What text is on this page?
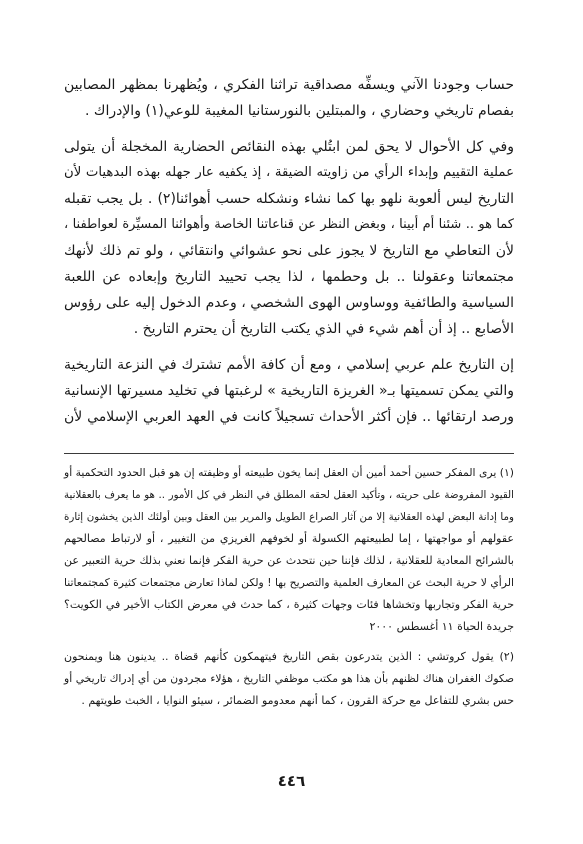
حساب وجودنا الآني ويسفِّه مصداقية تراثنا الفكري ، ويُظهرنا بمظهر المصابين
بفصام تاريخي وحضاري ، والمبتلين بالنورستانيا المغيبة للوعي(١) والإدراك .
وفي كل الأحوال لا يحق لمن ابتُلي بهذه النقائص الحضارية المخجلة أن يتولى
عملية التقييم وإبداء الرأي من زاويته الضيقة ، إذ يكفيه عار جهله بهذه البدهيات لأن
التاريخ ليس ألعوبة نلهو بها كما نشاء ونشكله حسب أهوائنا(٢) . بل يجب تقبله
كما هو .. شئنا أم أبينا ، وبغض النظر عن قناعاتنا الخاصة وأهوائنا المسيِّرة لعواطفنا ،
لأن التعاطي مع التاريخ لا يجوز على نحو عشوائي وانتقائي ، ولو تم ذلك لأنهك
مجتمعاتنا وعقولنا .. بل وحطمها ، لذا يجب تحييد التاريخ وإبعاده عن اللعبة
السياسية والطائفية ووساوس الهوى الشخصي ، وعدم الدخول إليه على رؤوس
الأصابع .. إذ أن أهم شيء في الذي يكتب التاريخ أن يحترم التاريخ .
إن التاريخ علم عربي إسلامي ، ومع أن كافة الأمم تشترك في النزعة التاريخية
والتي يمكن تسميتها بـ« الغريزة التاريخية » لرغبتها في تخليد مسيرتها الإنسانية
ورصد ارتقائها .. فإن أكثر الأحداث تسجيلاً كانت في العهد العربي الإسلامي لأن
(١) يرى المفكر حسين أحمد أمين أن العقل إنما يخون طبيعته أو وظيفته إن هو قبل الحدود التحكمية أو
القيود المفروضة على حريته ، وتأكيد العقل لحقه المطلق في النظر في كل الأمور .. هو ما يعرف بالعقلانية
وما إدانة البعض لهذه العقلانية إلا من آثار الصراع الطويل والمرير بين العقل وبين أولئك الذين يخشون إثارة
عقولهم أو مواجهتها ، إما لطبيعتهم الكسولة أو لخوفهم الغريزي من التغيير ، أو لارتباط مصالحهم
بالشرائح المعادية للعقلانية ، لذلك فإننا حين نتحدث عن حرية الفكر فإنما نعني بذلك حرية التعبير عن
الرأي لا حرية البحث عن المعارف العلمية والتصريح بها ! ولكن لماذا تعارض مجتمعات كثيرة كمجتمعاتنا
حرية الفكر وتجاربها وتخشاها فئات وجهات كثيرة ، كما حدث في معرض الكتاب الأخير في الكويت؟
جريدة الحياة ١١ أغسطس ٢٠٠٠
(٢) يقول كروتشي : الذين يتدرعون بقص التاريخ فيتهمكون كأنهم قضاة .. يدينون هنا ويمنحون
صكوك الغفران هناك لظنهم بأن هذا هو مكتب موظفي التاريخ ، هؤلاء مجردون من أي إدراك تاريخي أو
حس بشري للتفاعل مع حركة القرون ، كما أنهم معدومو الضمائر ، سيئو النوايا ، الخبث طويتهم .
٤٤٦
